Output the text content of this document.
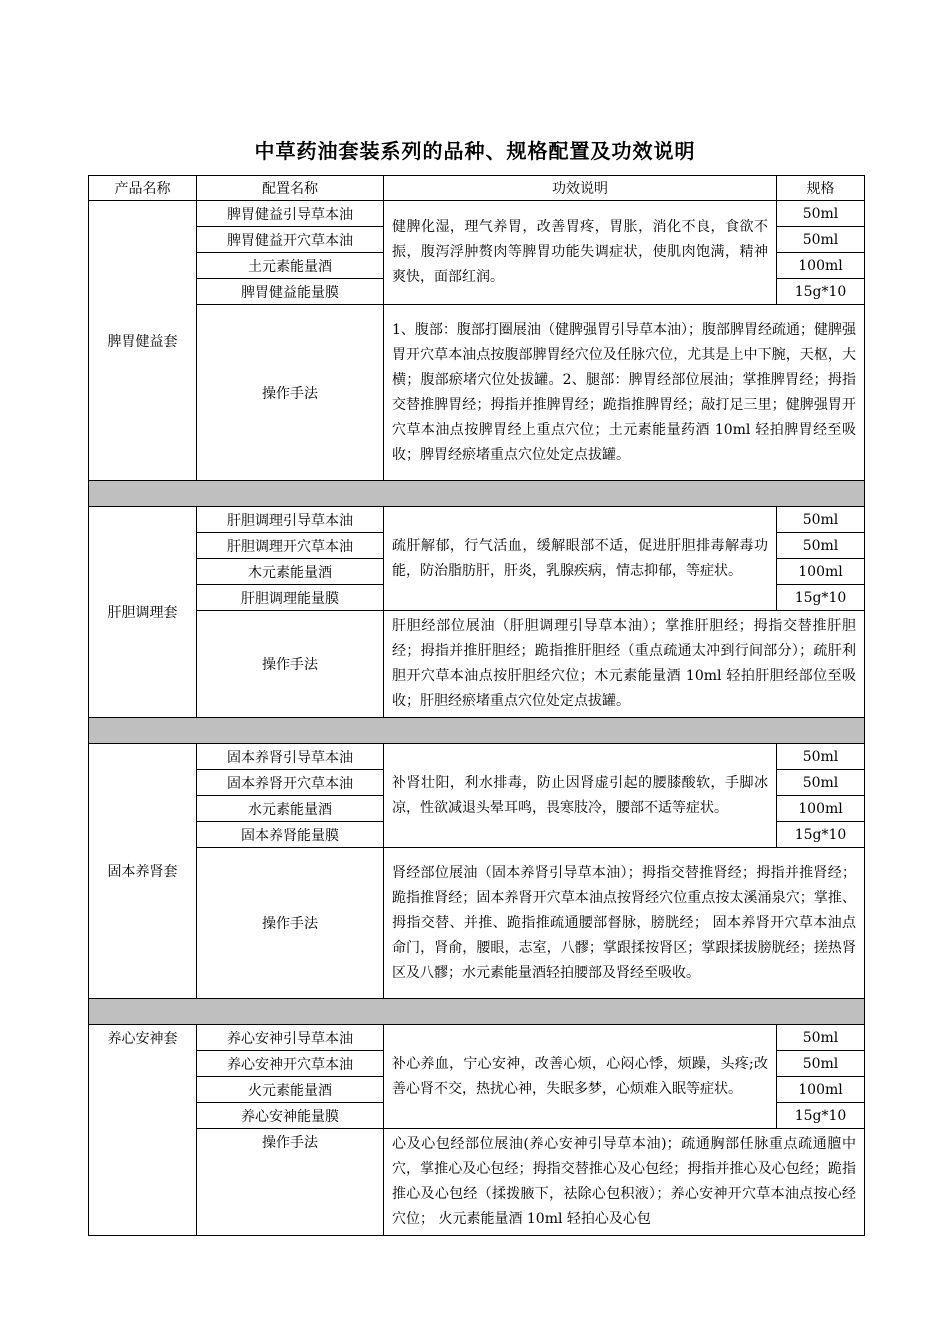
中草药油套装系列的品种、规格配置及功效说明
产品名称	配置名称	功效说明	规格
脾胃健益套	脾胃健益引导草本油	健脾化湿，理气养胃，改善胃疼，胃胀，消化不良，食欲不振，腹泻浮肿赘肉等脾胃功能失调症状，使肌肉饱满，精神爽快，面部红润。	50ml
	脾胃健益开穴草本油		50ml
	土元素能量酒		100ml
	脾胃健益能量膜		15g*10
	操作手法	1、腹部：腹部打圈展油（健脾强胃引导草本油）；腹部脾胃经疏通；健脾强胃开穴草本油点按腹部脾胃经穴位及任脉穴位，尤其是上中下腕，天枢，大横；腹部瘀堵穴位处拔罐。2、腿部：脾胃经部位展油；掌推脾胃经；拇指交替推脾胃经；拇指并推脾胃经；跪指推脾胃经；敲打足三里；健脾强胃开穴草本油点按脾胃经上重点穴位；土元素能量药酒 10ml 轻拍脾胃经至吸收；脾胃经瘀堵重点穴位处定点拔罐。	

肝胆调理套	肝胆调理引导草本油	疏肝解郁，行气活血，缓解眼部不适，促进肝胆排毒解毒功能，防治脂肪肝，肝炎，乳腺疾病，情志抑郁，等症状。	50ml
	肝胆调理开穴草本油		50ml
	木元素能量酒		100ml
	肝胆调理能量膜		15g*10
	操作手法	肝胆经部位展油（肝胆调理引导草本油）；掌推肝胆经；拇指交替推肝胆经；拇指并推肝胆经；跪指推肝胆经（重点疏通太冲到行间部分）；疏肝利胆开穴草本油点按肝胆经穴位；木元素能量酒 10ml 轻拍肝胆经部位至吸收；肝胆经瘀堵重点穴位处定点拔罐。	

固本养肾套	固本养肾引导草本油	补肾壮阳，利水排毒，防止因肾虚引起的腰膝酸软，手脚冰凉，性欲减退头晕耳鸣，畏寒肢冷，腰部不适等症状。	50ml
	固本养肾开穴草本油		50ml
	水元素能量酒		100ml
	固本养肾能量膜		15g*10
	操作手法	肾经部位展油（固本养肾引导草本油）；拇指交替推肾经；拇指并推肾经；跪指推肾经；固本养肾开穴草本油点按肾经穴位重点按太溪涌泉穴；掌推、拇指交替、并推、跪指推疏通腰部督脉，膀胱经； 固本养肾开穴草本油点命门，肾俞，腰眼，志室，八髎；掌跟揉按肾区；掌跟揉拔膀胱经；搓热肾区及八髎；水元素能量酒轻拍腰部及肾经至吸收。	

养心安神套	养心安神引导草本油	补心养血，宁心安神，改善心烦，心闷心悸，烦躁，头疼;改善心肾不交，热扰心神，失眠多梦，心烦难入眠等症状。	50ml
	养心安神开穴草本油		50ml
	火元素能量酒		100ml
	养心安神能量膜		15g*10
	操作手法	心及心包经部位展油(养心安神引导草本油)；疏通胸部任脉重点疏通膻中穴，掌推心及心包经；拇指交替推心及心包经；拇指并推心及心包经；跪指推心及心包经（揉拨腋下，祛除心包积液）；养心安神开穴草本油点按心经穴位； 火元素能量酒 10ml 轻拍心及心包	
